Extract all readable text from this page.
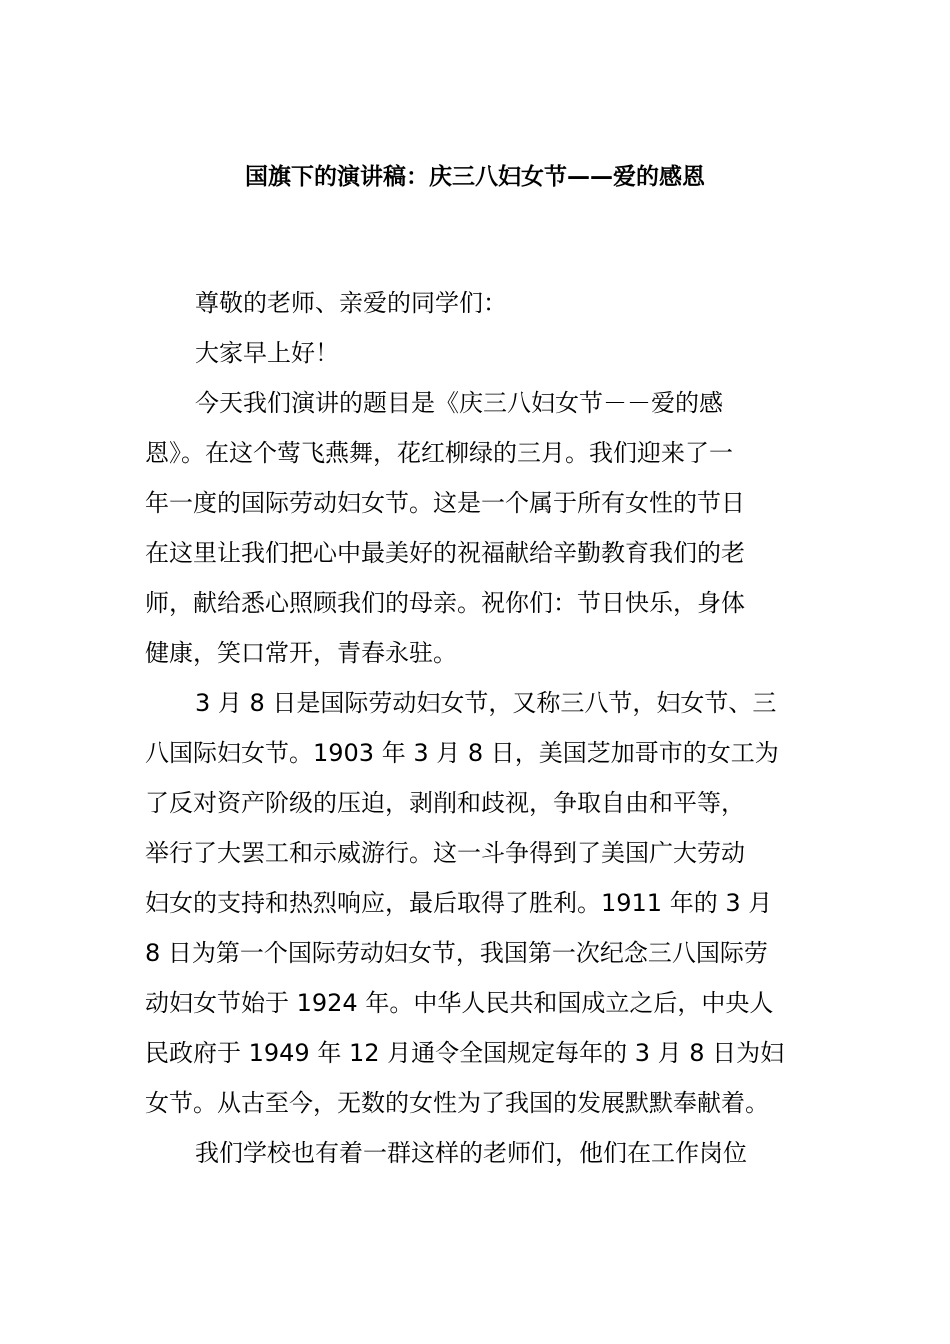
国旗下的演讲稿：庆三八妇女节——爱的感恩
尊敬的老师、亲爱的同学们：
大家早上好！
今天我们演讲的题目是《庆三八妇女节－－爱的感
恩》。在这个莺飞燕舞，花红柳绿的三月。我们迎来了一
年一度的国际劳动妇女节。这是一个属于所有女性的节日
在这里让我们把心中最美好的祝福献给辛勤教育我们的老
师，献给悉心照顾我们的母亲。祝你们：节日快乐，身体
健康，笑口常开，青春永驻。
3 月 8 日是国际劳动妇女节，又称三八节，妇女节、三
八国际妇女节。1903 年 3 月 8 日，美国芝加哥市的女工为
了反对资产阶级的压迫，剥削和歧视，争取自由和平等，
举行了大罢工和示威游行。这一斗争得到了美国广大劳动
妇女的支持和热烈响应，最后取得了胜利。1911 年的 3 月
8 日为第一个国际劳动妇女节，我国第一次纪念三八国际劳
动妇女节始于 1924 年。中华人民共和国成立之后，中央人
民政府于 1949 年 12 月通令全国规定每年的 3 月 8 日为妇
女节。从古至今，无数的女性为了我国的发展默默奉献着。
我们学校也有着一群这样的老师们，他们在工作岗位
